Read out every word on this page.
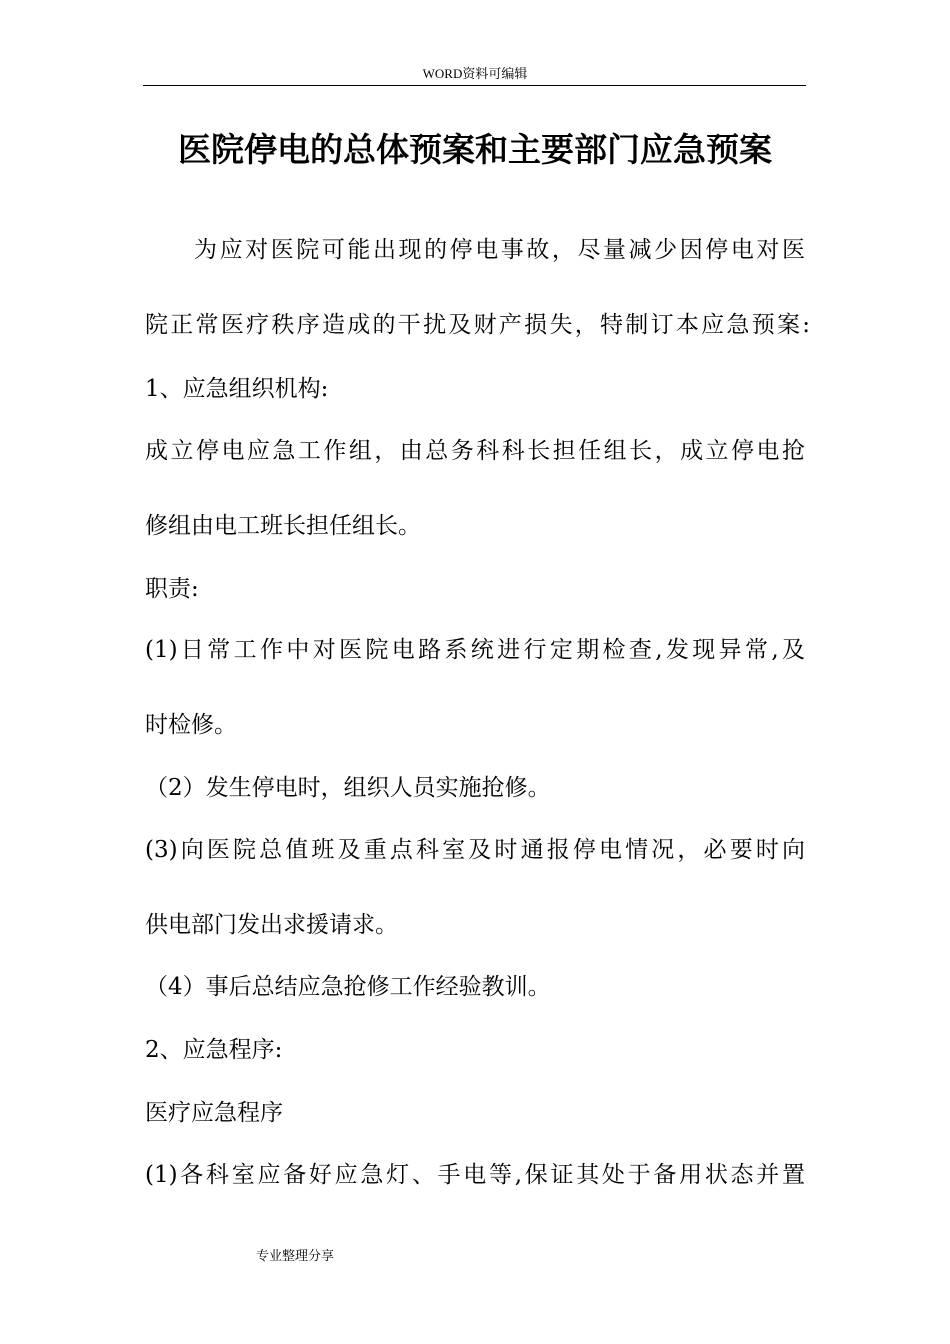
WORD资料可编辑
医院停电的总体预案和主要部门应急预案
为应对医院可能出现的停电事故，尽量减少因停电对医
院正常医疗秩序造成的干扰及财产损失，特制订本应急预案:
1、应急组织机构:
成立停电应急工作组，由总务科科长担任组长，成立停电抢
修组由电工班长担任组长。
职责:
(1)日常工作中对医院电路系统进行定期检查,发现异常,及
时检修。
（2）发生停电时，组织人员实施抢修。
(3)向医院总值班及重点科室及时通报停电情况，必要时向
供电部门发出求援请求。
（4）事后总结应急抢修工作经验教训。
2、应急程序:
医疗应急程序
(1)各科室应备好应急灯、手电等,保证其处于备用状态并置
专业整理分享
